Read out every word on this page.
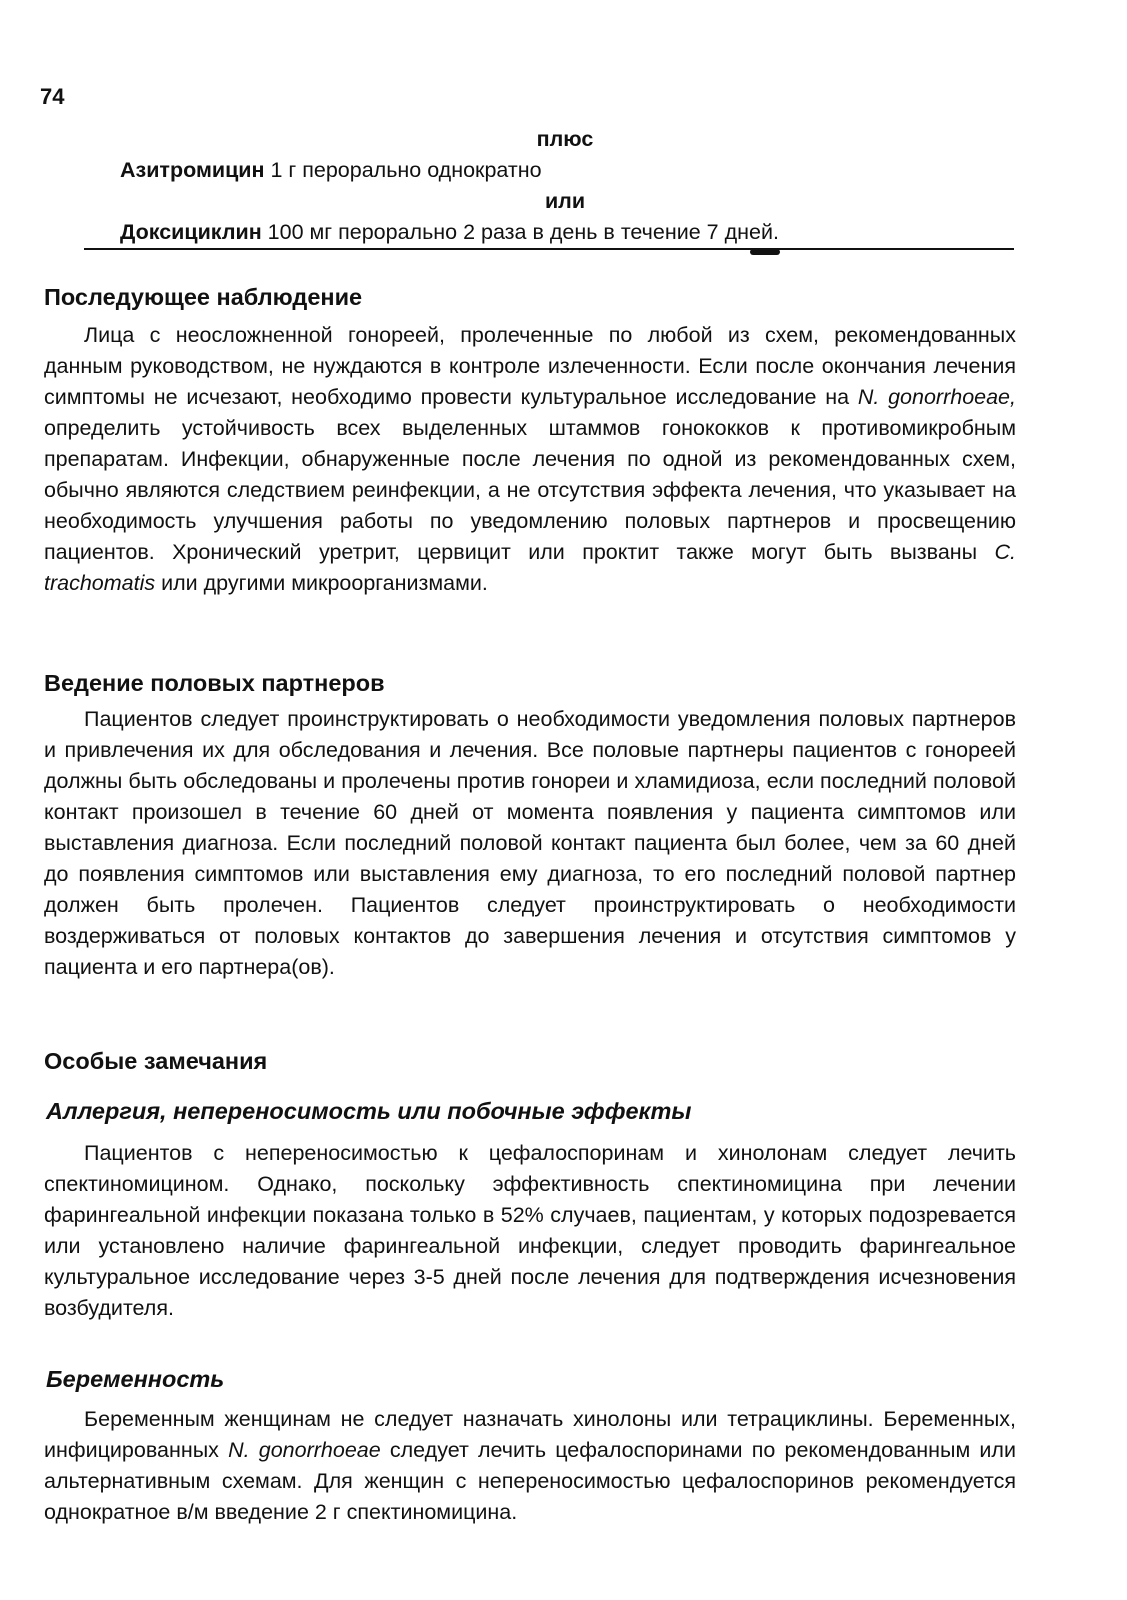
74
плюс
Азитромицин 1 г перорально однократно
или
Доксициклин 100 мг перорально 2 раза в день в течение 7 дней.
Последующее наблюдение

Лица с неосложненной гонореей, пролеченные по любой из схем, рекомендованных данным руководством, не нуждаются в контроле излеченности. Если после окончания лечения симптомы не исчезают, необходимо провести культуральное исследование на N. gonorrhoeae, определить устойчивость всех выделенных штаммов гонококков к противомикробным препаратам. Инфекции, обнаруженные после лечения по одной из рекомендованных схем, обычно являются следствием реинфекции, а не отсутствия эффекта лечения, что указывает на необходимость улучшения работы по уведомлению половых партнеров и просвещению пациентов. Хронический уретрит, цервицит или проктит также могут быть вызваны C. trachomatis или другими микроорганизмами.

Ведение половых партнеров

Пациентов следует проинструктировать о необходимости уведомления половых партнеров и привлечения их для обследования и лечения. Все половые партнеры пациентов с гонореей должны быть обследованы и пролечены против гонореи и хламидиоза, если последний половой контакт произошел в течение 60 дней от момента появления у пациента симптомов или выставления диагноза. Если последний половой контакт пациента был более, чем за 60 дней до появления симптомов или выставления ему диагноза, то его последний половой партнер должен быть пролечен. Пациентов следует проинструктировать о необходимости воздерживаться от половых контактов до завершения лечения и отсутствия симптомов у пациента и его партнера(ов).

Особые замечания
Аллергия, непереносимость или побочные эффекты

Пациентов с непереносимостью к цефалоспоринам и хинолонам следует лечить спектиномицином. Однако, поскольку эффективность спектиномицина при лечении фарингеальной инфекции показана только в 52% случаев, пациентам, у которых подозревается или установлено наличие фарингеальной инфекции, следует проводить фарингеальное культуральное исследование через 3-5 дней после лечения для подтверждения исчезновения возбудителя.

Беременность

Беременным женщинам не следует назначать хинолоны или тетрациклины. Беременных, инфицированных N. gonorrhoeae следует лечить цефалоспоринами по рекомендованным или альтернативным схемам. Для женщин с непереносимостью цефалоспоринов рекомендуется однократное в/м введение 2 г спектиномицина.
